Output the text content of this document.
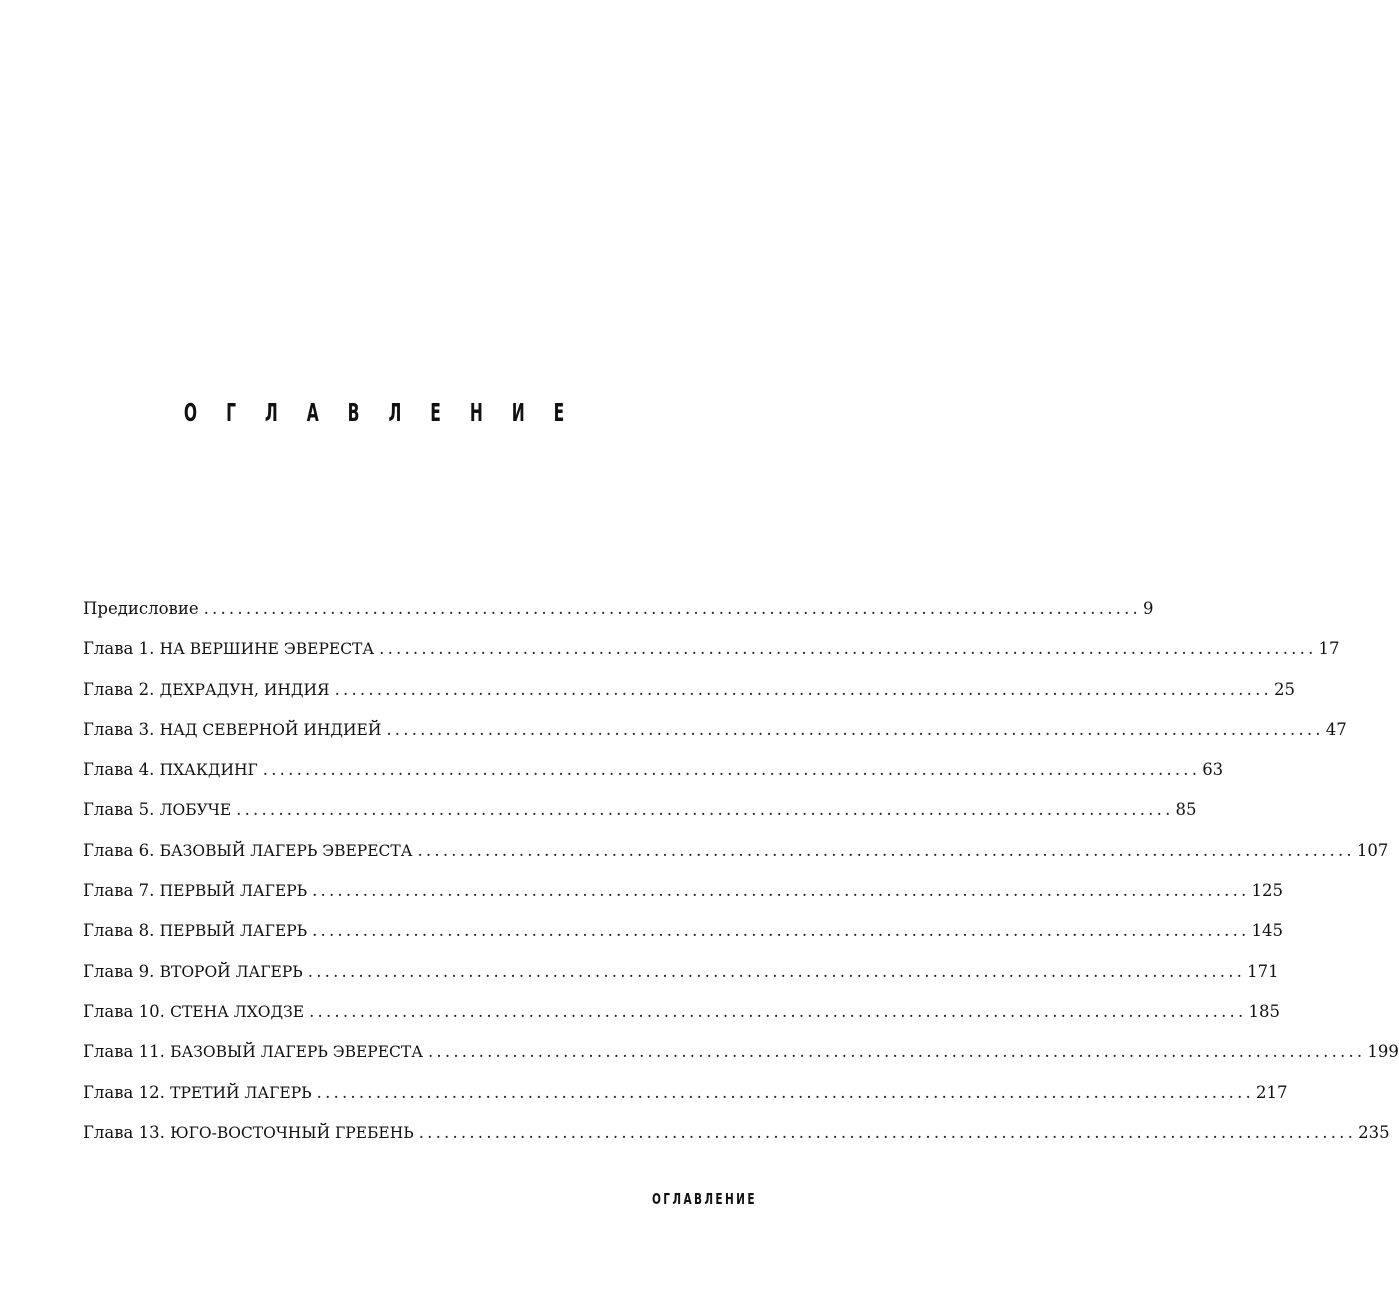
О Г Л А В Л Е Н И Е
Предисловие ............................................................................................................... 9
Глава 1. НА ВЕРШИНЕ ЭВЕРЕСТА ............................................................................................................... 17
Глава 2. ДЕХРАДУН, ИНДИЯ ............................................................................................................... 25
Глава 3. НАД СЕВЕРНОЙ ИНДИЕЙ ............................................................................................................... 47
Глава 4. ПХАКДИНГ ............................................................................................................... 63
Глава 5. ЛОБУЧЕ ............................................................................................................... 85
Глава 6. БАЗОВЫЙ ЛАГЕРЬ ЭВЕРЕСТА ............................................................................................................... 107
Глава 7. ПЕРВЫЙ ЛАГЕРЬ ............................................................................................................... 125
Глава 8. ПЕРВЫЙ ЛАГЕРЬ ............................................................................................................... 145
Глава 9. ВТОРОЙ ЛАГЕРЬ ............................................................................................................... 171
Глава 10. СТЕНА ЛХОДЗЕ ............................................................................................................... 185
Глава 11. БАЗОВЫЙ ЛАГЕРЬ ЭВЕРЕСТА ............................................................................................................... 199
Глава 12. ТРЕТИЙ ЛАГЕРЬ ............................................................................................................... 217
Глава 13. ЮГО-ВОСТОЧНЫЙ ГРЕБЕНЬ ............................................................................................................... 235
ОГЛАВЛЕНИЕ
